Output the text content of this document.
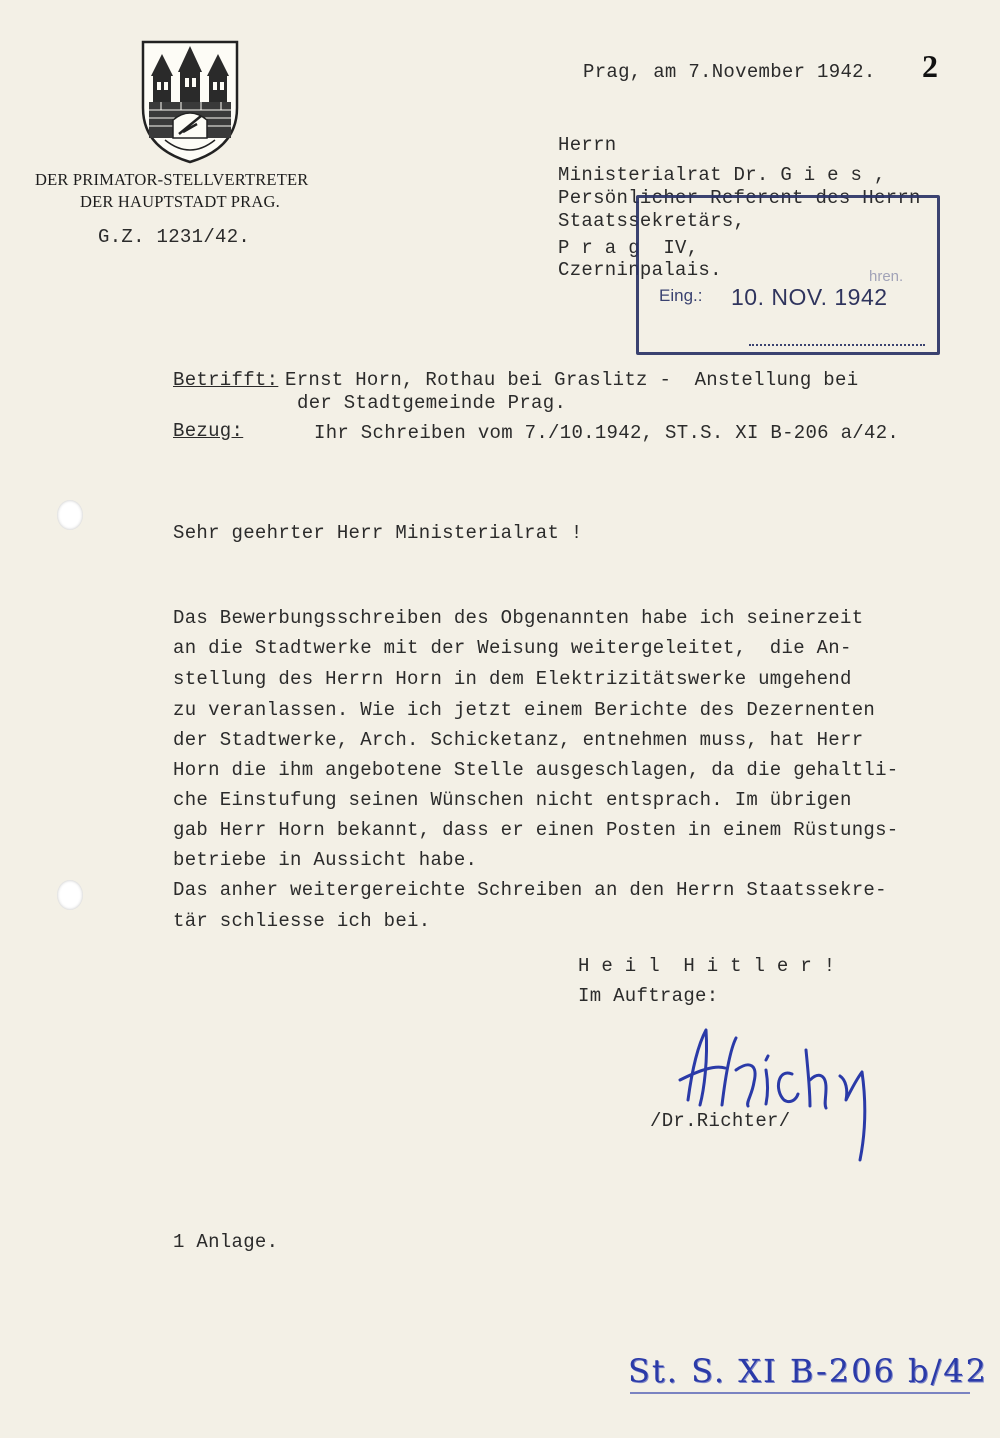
DER PRIMATOR-STELLVERTRETER
DER HAUPTSTADT PRAG.
G.Z. 1231/42.
Prag, am 7.November 1942. 2
Herrn
Ministerialrat Dr. G i e s ,
Persönlicher Referent des Herrn
Staatssekretärs,
P r a g  IV,
Czerninpalais.	hren.
Eing.: 10. NOV. 1942
Betrifft: Ernst Horn, Rothau bei Graslitz -  Anstellung bei
der Stadtgemeinde Prag.
Bezug:	Ihr Schreiben vom 7./10.1942, ST.S. XI B-206 a/42.
Sehr geehrter Herr Ministerialrat !
Das Bewerbungsschreiben des Obgenannten habe ich seinerzeit
an die Stadtwerke mit der Weisung weitergeleitet,  die An-
stellung des Herrn Horn in dem Elektrizitätswerke umgehend
zu veranlassen. Wie ich jetzt einem Berichte des Dezernenten
der Stadtwerke, Arch. Schicketanz, entnehmen muss, hat Herr
Horn die ihm angebotene Stelle ausgeschlagen, da die gehaltli-
che Einstufung seinen Wünschen nicht entsprach. Im übrigen
gab Herr Horn bekannt, dass er einen Posten in einem Rüstungs-
betriebe in Aussicht habe.
Das anher weitergereichte Schreiben an den Herrn Staatssekre-
tär schliesse ich bei.
H e i l  H i t l e r !
Im Auftrage:
/Dr.Richter/
1 Anlage.
St. S. XI B-206 b/42
